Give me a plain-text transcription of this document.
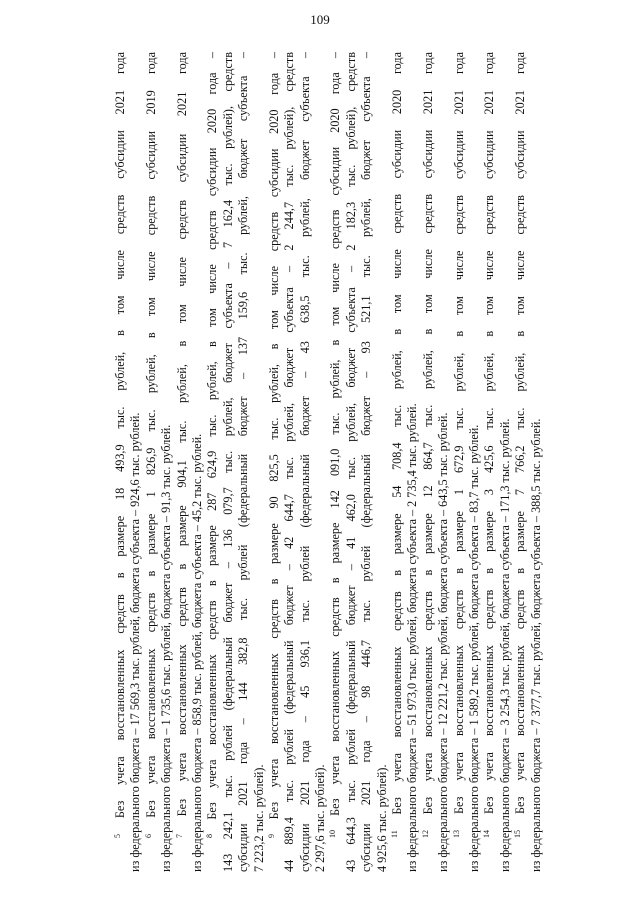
109
$^5$ Без учета восстановленных средств в размере 18 493,9 тыс. рублей, в том числе средств субсидии 2021 года из федерального бюджета – 17 569,3 тыс. рублей, бюджета субъекта – 924,6 тыс. рублей. $^6$ Без учета восстановленных средств в размере 1 826,9 тыс. рублей, в том числе средств субсидии 2019 года из федерального бюджета – 1 735,6 тыс. рублей, бюджета субъекта – 91,3 тыс. рублей. $^7$ Без учета восстановленных средств в размере 904,1 тыс. рублей, в том числе средств субсидии 2021 года из федерального бюджета – 858,9 тыс. рублей, бюджета субъекта – 45,2 тыс. рублей. $^8$ Без учета восстановленных средств в размере 287 624,9 тыс. рублей, в том числе средств субсидии 2020 года – 143 242,1 тыс. рублей (федеральный бюджет – 136 079,7 тыс. рублей, бюджет субъекта – 7 162,4 тыс. рублей), средств субсидии 2021 года – 144 382,8 тыс. рублей (федеральный бюджет – 137 159,6 тыс. рублей, бюджет субъекта – 7 223,2 тыс. рублей). $^9$ Без учета восстановленных средств в размере 90 825,5 тыс. рублей, в том числе средств субсидии 2020 года – 44 889,4 тыс. рублей (федеральный бюджет – 42 644,7 тыс. рублей, бюджет субъекта – 2 244,7 тыс. рублей), средств субсидии 2021 года – 45 936,1 тыс. рублей (федеральный бюджет – 43 638,5 тыс. рублей, бюджет субъекта – 2 297,6 тыс. рублей). $^{10}$ Без учета восстановленных средств в размере 142 091,0 тыс. рублей, в том числе средств субсидии 2020 года – 43 644,3 тыс. рублей (федеральный бюджет – 41 462,0 тыс. рублей, бюджет субъекта – 2 182,3 тыс. рублей), средств субсидии 2021 года – 98 446,7 тыс. рублей (федеральный бюджет – 93 521,1 тыс. рублей, бюджет субъекта – 4 925,6 тыс. рублей). $^{11}$ Без учета восстановленных средств в размере 54 708,4 тыс. рублей, в том числе средств субсидии 2020 года из федерального бюджета – 51 973,0 тыс. рублей, бюджета субъекта – 2 735,4 тыс. рублей. $^{12}$ Без учета восстановленных средств в размере 12 864,7 тыс. рублей, в том числе средств субсидии 2021 года из федерального бюджета – 12 221,2 тыс. рублей, бюджета субъекта – 643,5 тыс. рублей. $^{13}$ Без учета восстановленных средств в размере 1 672,9 тыс. рублей, в том числе средств субсидии 2021 года из федерального бюджета – 1 589,2 тыс. рублей, бюджета субъекта – 83,7 тыс. рублей. $^{14}$ Без учета восстановленных средств в размере 3 425,6 тыс. рублей, в том числе средств субсидии 2021 года из федерального бюджета – 3 254,3 тыс. рублей, бюджета субъекта – 171,3 тыс. рублей. $^{15}$ Без учета восстановленных средств в размере 7 766,2 тыс. рублей, в том числе средств субсидии 2021 года из федерального бюджета – 7 377,7 тыс. рублей, бюджета субъекта – 388,5 тыс. рублей.
